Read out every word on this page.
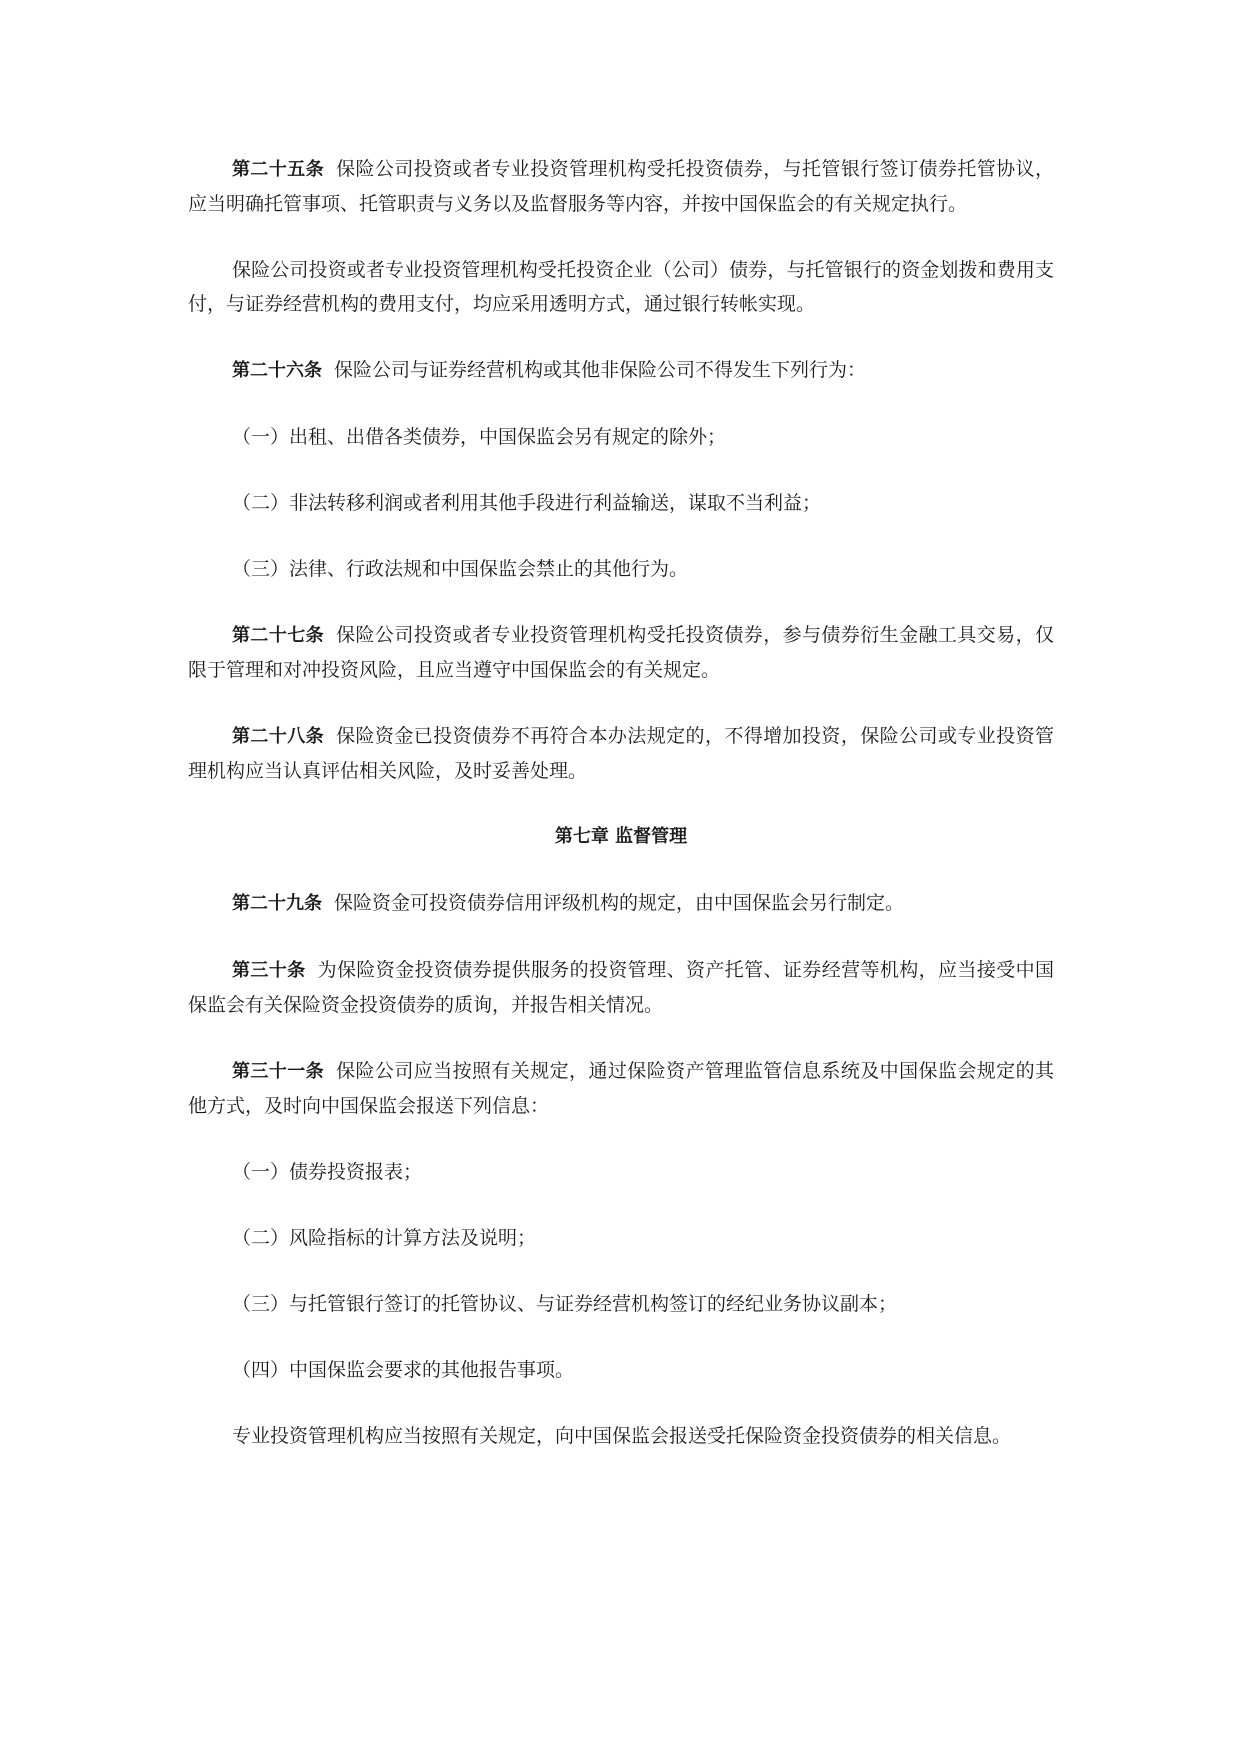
第二十五条 保险公司投资或者专业投资管理机构受托投资债券，与托管银行签订债券托管协议，应当明确托管事项、托管职责与义务以及监督服务等内容，并按中国保监会的有关规定执行。

保险公司投资或者专业投资管理机构受托投资企业（公司）债券，与托管银行的资金划拨和费用支付，与证券经营机构的费用支付，均应采用透明方式，通过银行转帐实现。

第二十六条 保险公司与证券经营机构或其他非保险公司不得发生下列行为：

（一）出租、出借各类债券，中国保监会另有规定的除外；

（二）非法转移利润或者利用其他手段进行利益输送，谋取不当利益；

（三）法律、行政法规和中国保监会禁止的其他行为。

第二十七条 保险公司投资或者专业投资管理机构受托投资债券，参与债券衍生金融工具交易，仅限于管理和对冲投资风险，且应当遵守中国保监会的有关规定。

第二十八条 保险资金已投资债券不再符合本办法规定的，不得增加投资，保险公司或专业投资管理机构应当认真评估相关风险，及时妥善处理。

第七章 监督管理

第二十九条 保险资金可投资债券信用评级机构的规定，由中国保监会另行制定。

第三十条 为保险资金投资债券提供服务的投资管理、资产托管、证券经营等机构，应当接受中国保监会有关保险资金投资债券的质询，并报告相关情况。

第三十一条 保险公司应当按照有关规定，通过保险资产管理监管信息系统及中国保监会规定的其他方式，及时向中国保监会报送下列信息：

（一）债券投资报表；

（二）风险指标的计算方法及说明；

（三）与托管银行签订的托管协议、与证券经营机构签订的经纪业务协议副本；

（四）中国保监会要求的其他报告事项。

专业投资管理机构应当按照有关规定，向中国保监会报送受托保险资金投资债券的相关信息。
